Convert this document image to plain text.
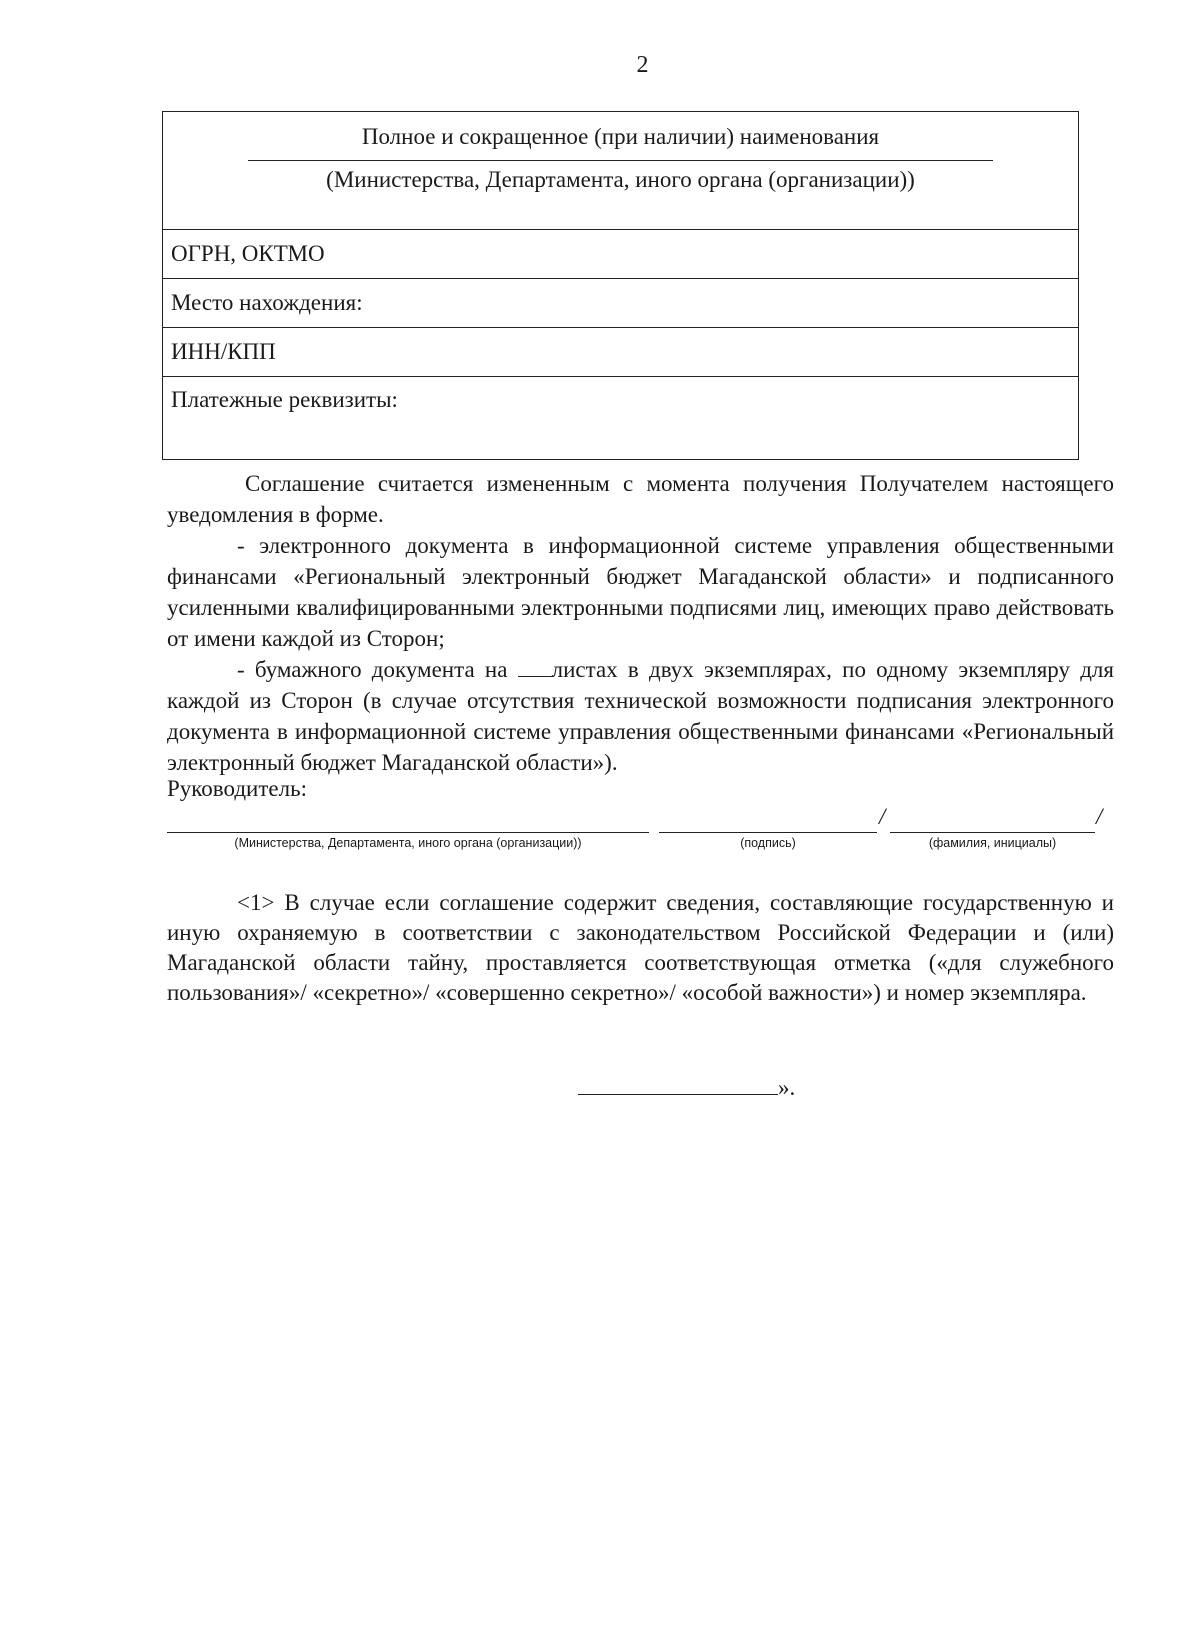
2
Полное и сокращенное (при наличии) наименования
(Министерства, Департамента, иного органа (организации))

ОГРН, ОКТМО
Место нахождения:
ИНН/КПП
Платежные реквизиты:

Соглашение считается измененным с момента получения Получателем настоящего уведомления в форме.

- электронного документа в информационной системе управления общественными финансами «Региональный электронный бюджет Магаданской области» и подписанного усиленными квалифицированными электронными подписями лиц, имеющих право действовать от имени каждой из Сторон;

- бумажного документа на листах в двух экземплярах, по одному экземпляру для каждой из Сторон (в случае отсутствия технической возможности подписания электронного документа в информационной системе управления общественными финансами «Региональный электронный бюджет Магаданской области»).

Руководитель:
/	/
(Министерства, Департамента, иного органа (организации))	(подпись)	(фамилия, инициалы)

<1> В случае если соглашение содержит сведения, составляющие государственную и иную охраняемую в соответствии с законодательством Российской Федерации и (или) Магаданской области тайну, проставляется соответствующая отметка («для служебного пользования»/ «секретно»/ «совершенно секретно»/ «особой важности») и номер экземпляра.

».
